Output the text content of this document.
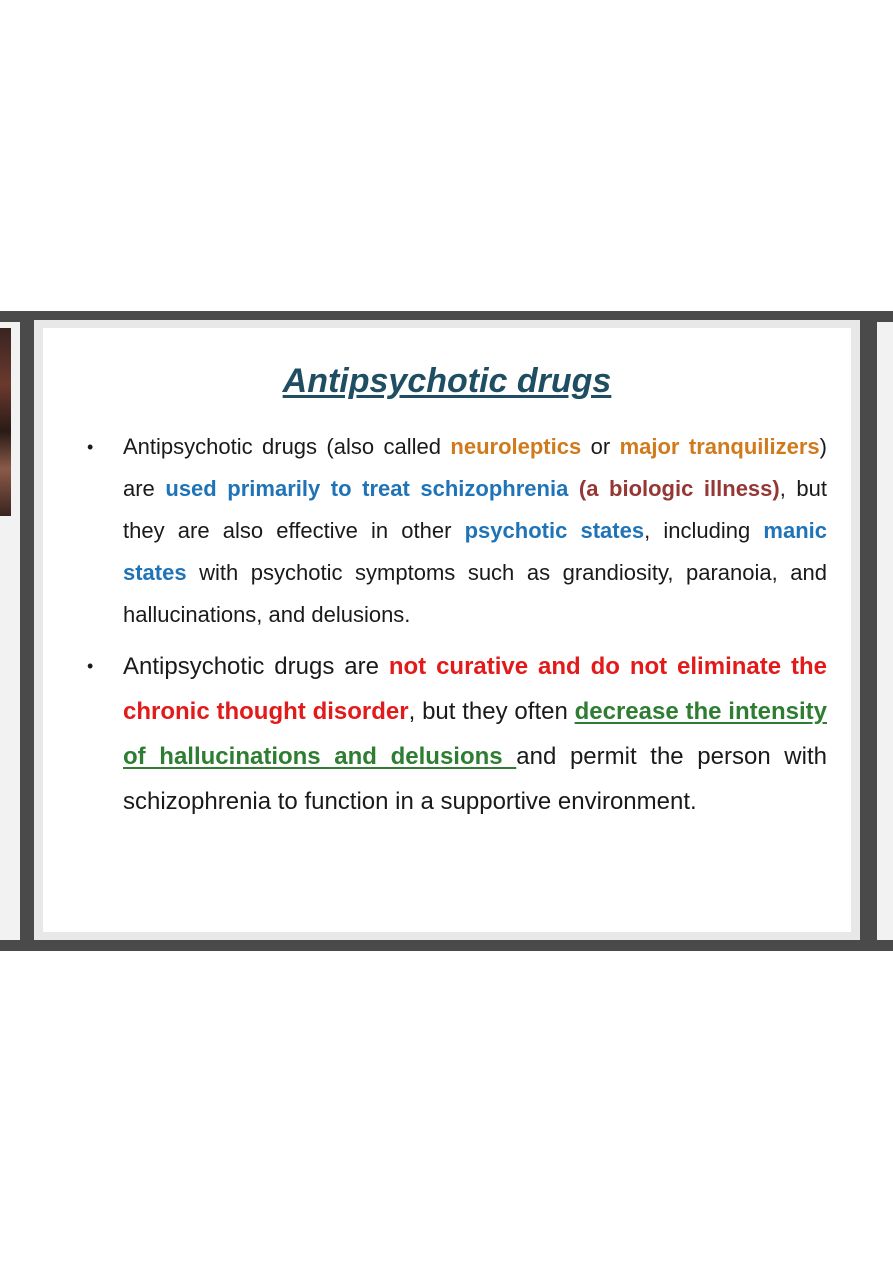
Antipsychotic drugs
• Antipsychotic drugs (also called neuroleptics or major tranquilizers) are used primarily to treat schizophrenia (a biologic illness), but they are also effective in other psychotic states, including manic states with psychotic symptoms such as grandiosity, paranoia, and hallucinations, and delusions.
• Antipsychotic drugs are not curative and do not eliminate the chronic thought disorder, but they often decrease the intensity of hallucinations and delusions and permit the person with schizophrenia to function in a supportive environment.
